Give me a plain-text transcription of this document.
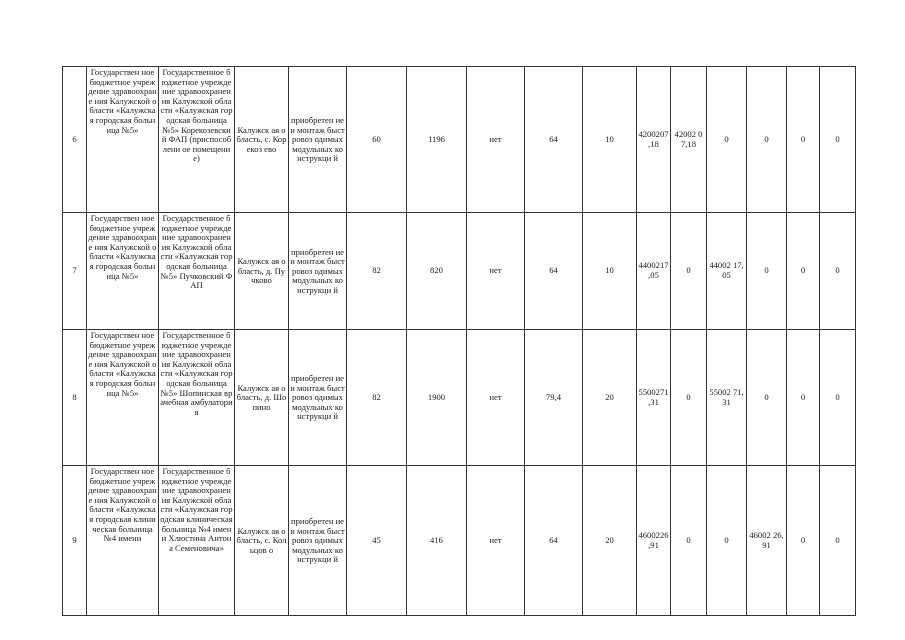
6	Государствен ное бюджетное учреждение здравоохране ния Калужской области «Калужская городская больница №5»	Государственное бюджетное учреждение здравоохранения Калужской области «Калужская городская больница №5» Корекозевский ФАП (приспособлени ое помещение)	Калужск ая область, с. Корекоз ево	приобретен ие и монтаж быстровоз одимых модульных конструкци й	60	1196	нет	64	10	4200207 ,18	42002 07,18	0	0	0	0
7	Государствен ное бюджетное учреждение здравоохране ния Калужской области «Калужская городская больница №5»	Государственное бюджетное учреждение здравоохранения Калужской области «Калужская городская больница №5» Пучковский ФАП	Калужск ая область, д. Пучково	приобретен ие и монтаж быстровоз одимых модульных конструкци й	82	820	нет	64	10	4400217 ,05	0	44002 17,05	0	0	0
8	Государствен ное бюджетное учреждение здравоохране ния Калужской области «Калужская городская больница №5»	Государственное бюджетное учреждение здравоохранения Калужской области «Калужская городская больница №5» Шопинская врачебная амбулатория	Калужск ая область, д. Шопино	приобретен ие и монтаж быстровоз одимых модульных конструкци й	82	1900	нет	79,4	20	5500271 ,31	0	55002 71,31	0	0	0
9	Государствен ное бюджетное учреждение здравоохране ния Калужской области «Калужская городская клиническая больница №4 имени	Государственное бюджетное учреждение здравоохранения Калужской области «Калужская городская клиническая больница №4 имени Хлюстина Антона Семеновича»	Калужск ая область, с. Кольцов о	приобретен ие и монтаж быстровоз одимых модульных конструкци й	45	416	нет	64	20	4600226 ,91	0	0	46002 26,91	0	0
